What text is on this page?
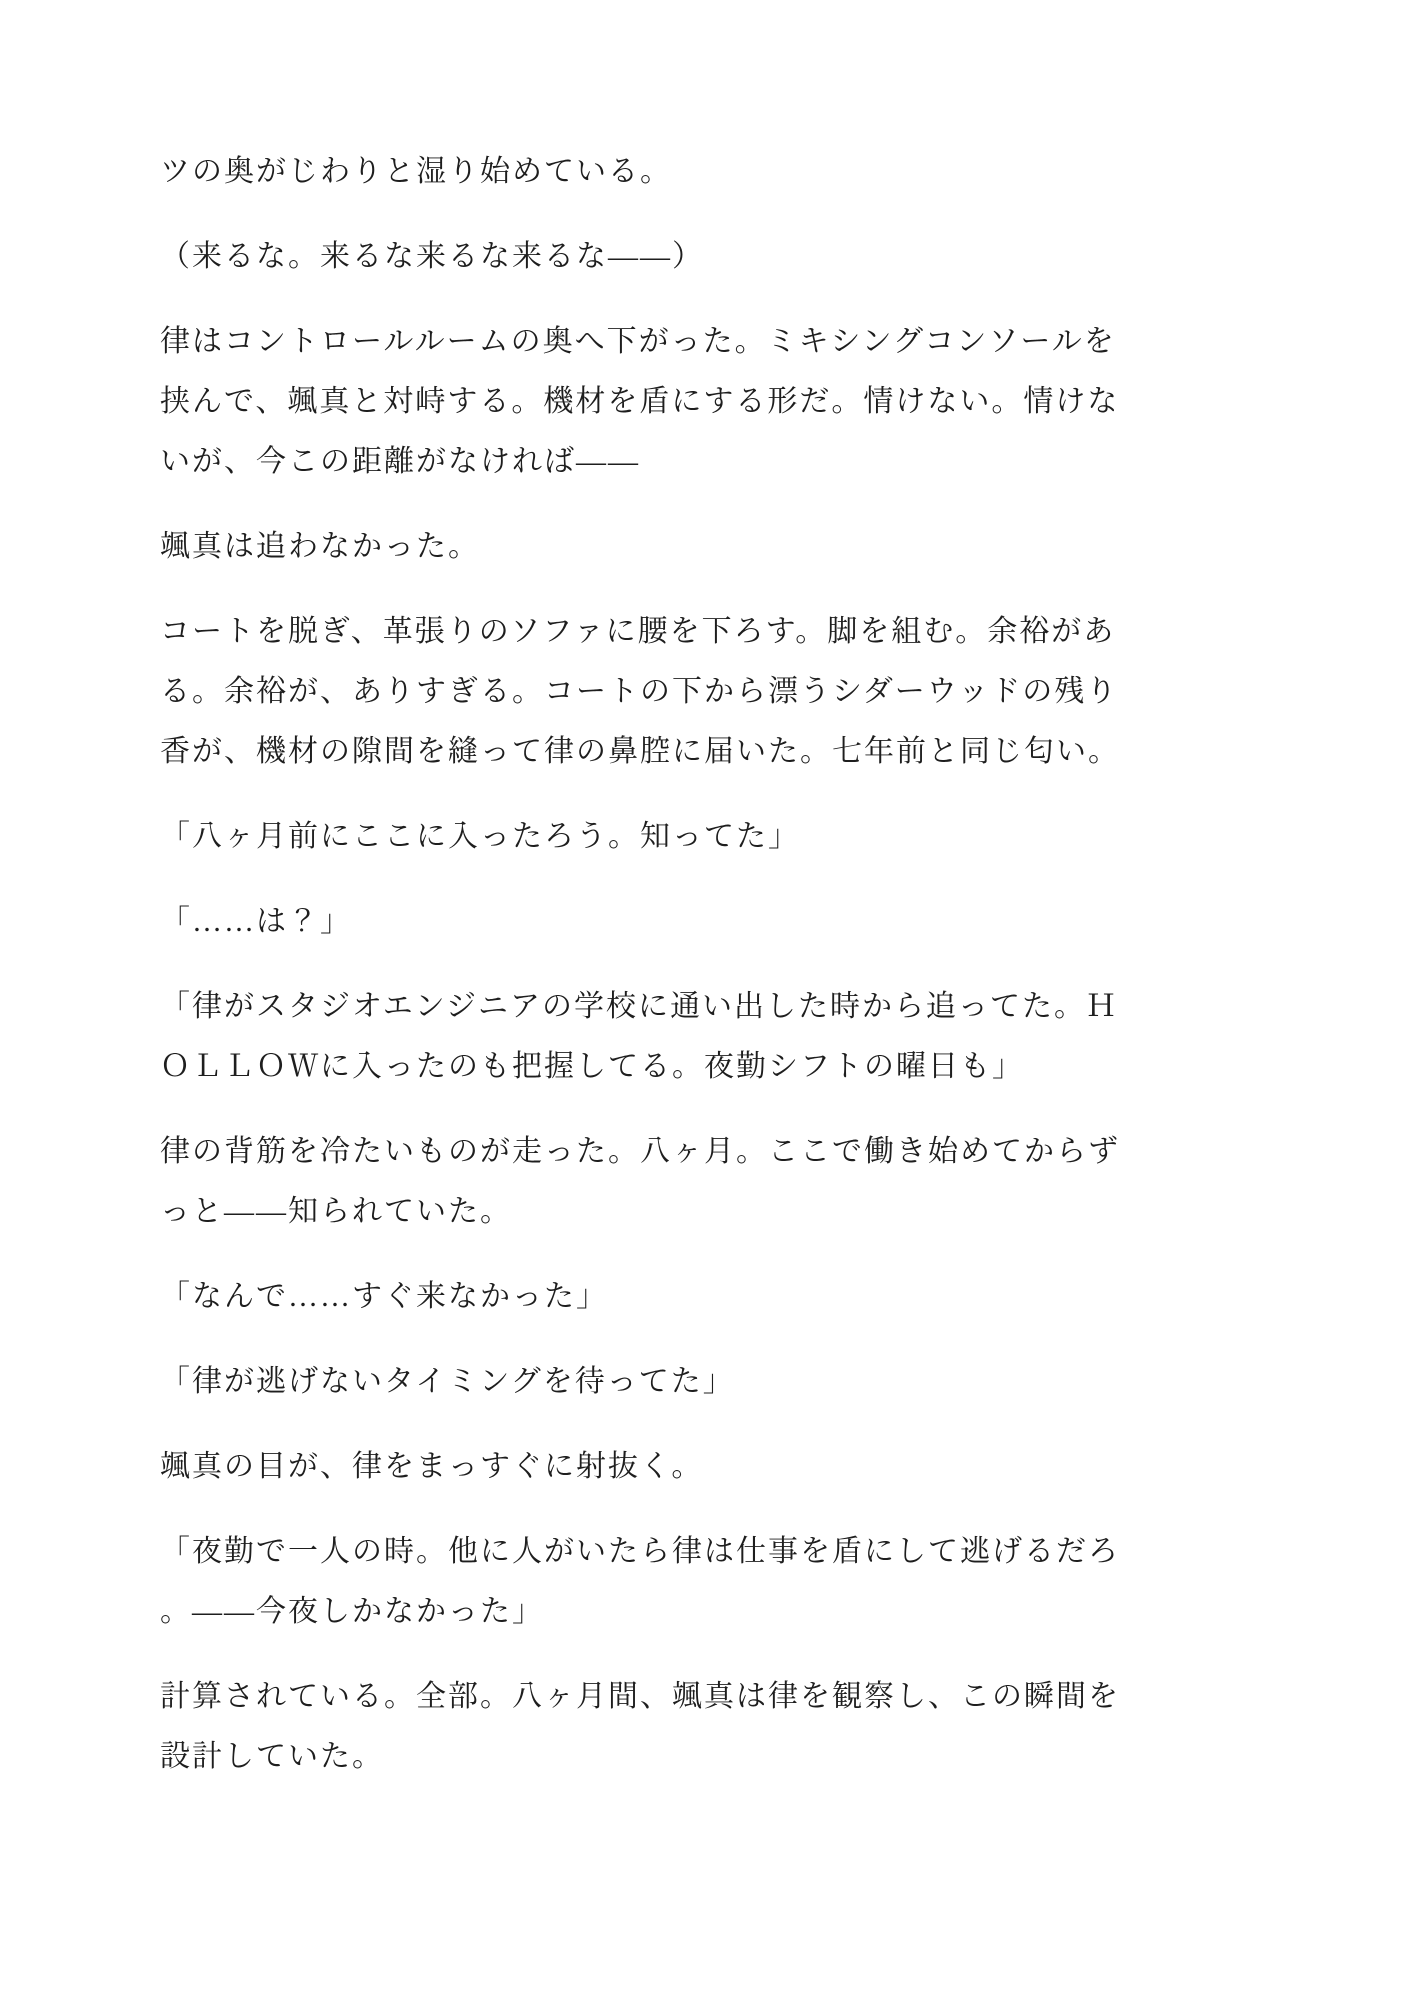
ツの奥がじわりと湿り始めている。

（来るな。来るな来るな来るな――）

律はコントロールルームの奥へ下がった。ミキシングコンソールを
挟んで、颯真と対峙する。機材を盾にする形だ。情けない。情けな
いが、今この距離がなければ――

颯真は追わなかった。

コートを脱ぎ、革張りのソファに腰を下ろす。脚を組む。余裕があ
る。余裕が、ありすぎる。コートの下から漂うシダーウッドの残り
香が、機材の隙間を縫って律の鼻腔に届いた。七年前と同じ匂い。

「八ヶ月前にここに入ったろう。知ってた」

「……は？」

「律がスタジオエンジニアの学校に通い出した時から追ってた。Ｈ
ＯＬＬＯＷに入ったのも把握してる。夜勤シフトの曜日も」

律の背筋を冷たいものが走った。八ヶ月。ここで働き始めてからず
っと――知られていた。

「なんで……すぐ来なかった」

「律が逃げないタイミングを待ってた」

颯真の目が、律をまっすぐに射抜く。

「夜勤で一人の時。他に人がいたら律は仕事を盾にして逃げるだろ
。――今夜しかなかった」

計算されている。全部。八ヶ月間、颯真は律を観察し、この瞬間を
設計していた。
